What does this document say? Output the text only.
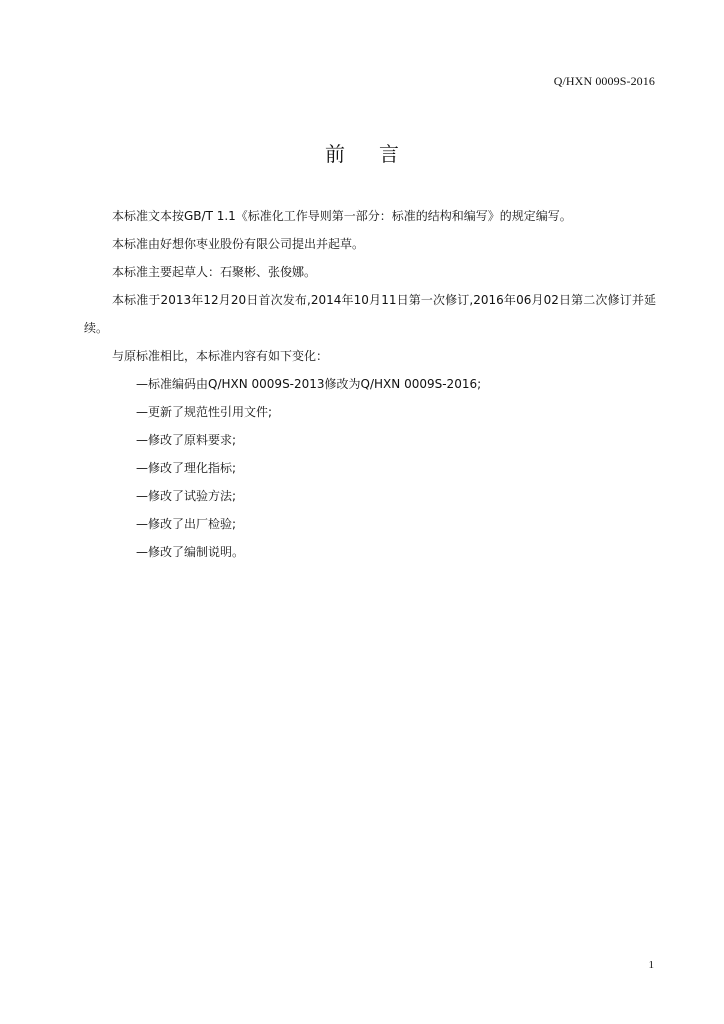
Q/HXN 0009S-2016
前言

本标准文本按GB/T 1.1《标准化工作导则第一部分：标准的结构和编写》的规定编写。

本标准由好想你枣业股份有限公司提出并起草。

本标准主要起草人：石聚彬、张俊娜。

本标准于2013年12月20日首次发布,2014年10月11日第一次修订,2016年06月02日第二次修订并延续。

与原标准相比，本标准内容有如下变化：

—标准编码由Q/HXN 0009S-2013修改为Q/HXN 0009S-2016;
—更新了规范性引用文件;
—修改了原料要求;
—修改了理化指标;
—修改了试验方法;
—修改了出厂检验;
—修改了编制说明。
1
